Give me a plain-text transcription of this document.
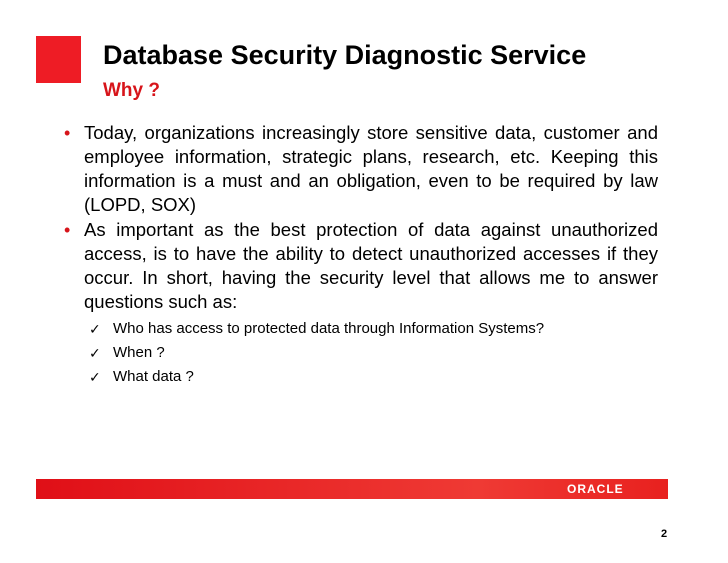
Database Security Diagnostic Service
Why ?
• Today, organizations increasingly store sensitive data, customer and employee information, strategic plans, research, etc. Keeping this information is a must and an obligation, even to be required by law (LOPD, SOX)
• As important as the best protection of data against unauthorized access, is to have the ability to detect unauthorized accesses if they occur. In short, having the security level that allows me to answer questions such as:
✓ Who has access to protected data through Information Systems?
✓ When ?
✓ What data ?
ORACLE
2
